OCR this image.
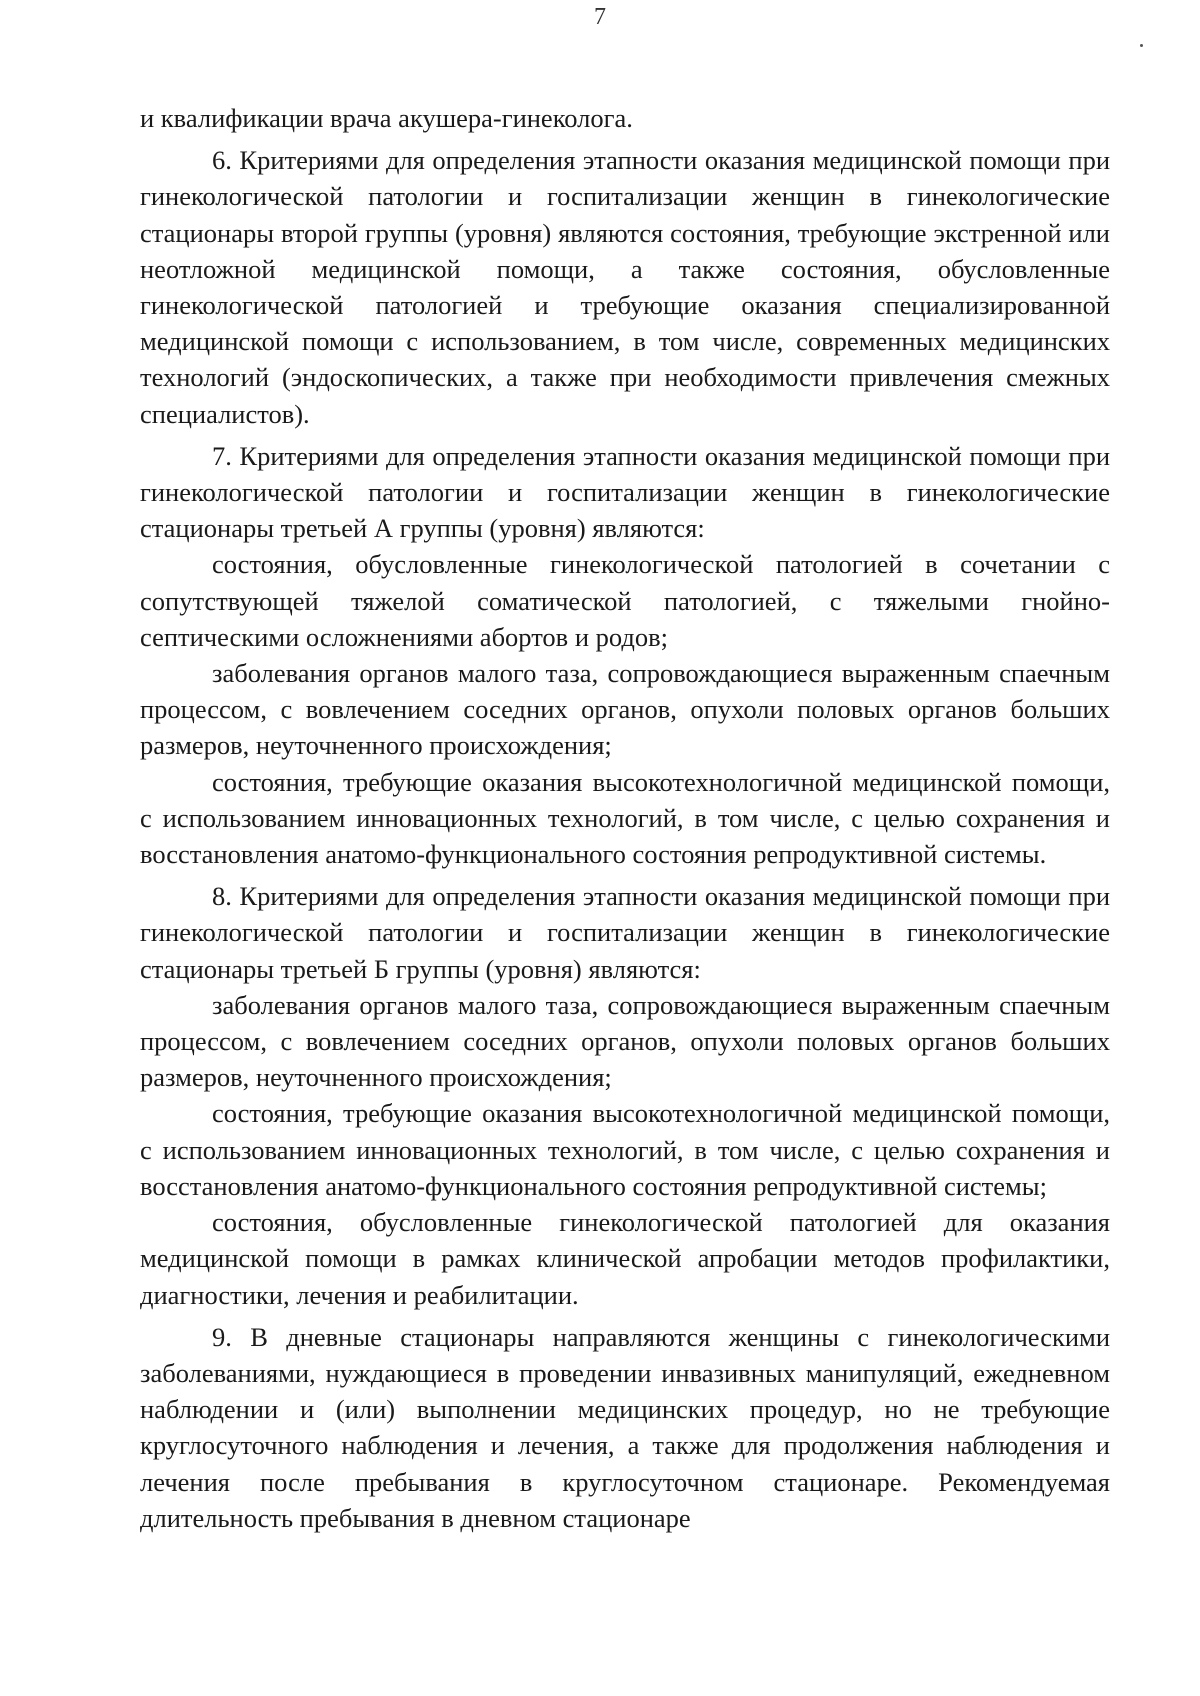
7

и квалификации врача акушера-гинеколога.

6. Критериями для определения этапности оказания медицинской помощи при гинекологической патологии и госпитализации женщин в гинекологические стационары второй группы (уровня) являются состояния, требующие экстренной или неотложной медицинской помощи, а также состояния, обусловленные гинекологической патологией и требующие оказания специализированной медицинской помощи с использованием, в том числе, современных медицинских технологий (эндоскопических, а также при необходимости привлечения смежных специалистов).

7. Критериями для определения этапности оказания медицинской помощи при гинекологической патологии и госпитализации женщин в гинекологические стационары третьей А группы (уровня) являются:

состояния, обусловленные гинекологической патологией в сочетании с сопутствующей тяжелой соматической патологией, с тяжелыми гнойно-септическими осложнениями абортов и родов;

заболевания органов малого таза, сопровождающиеся выраженным спаечным процессом, с вовлечением соседних органов, опухоли половых органов больших размеров, неуточненного происхождения;

состояния, требующие оказания высокотехнологичной медицинской помощи, с использованием инновационных технологий, в том числе, с целью сохранения и восстановления анатомо-функционального состояния репродуктивной системы.

8. Критериями для определения этапности оказания медицинской помощи при гинекологической патологии и госпитализации женщин в гинекологические стационары третьей Б группы (уровня) являются:

заболевания органов малого таза, сопровождающиеся выраженным спаечным процессом, с вовлечением соседних органов, опухоли половых органов больших размеров, неуточненного происхождения;

состояния, требующие оказания высокотехнологичной медицинской помощи, с использованием инновационных технологий, в том числе, с целью сохранения и восстановления анатомо-функционального состояния репродуктивной системы;

состояния, обусловленные гинекологической патологией для оказания медицинской помощи в рамках клинической апробации методов профилактики, диагностики, лечения и реабилитации.

9. В дневные стационары направляются женщины с гинекологическими заболеваниями, нуждающиеся в проведении инвазивных манипуляций, ежедневном наблюдении и (или) выполнении медицинских процедур, но не требующие круглосуточного наблюдения и лечения, а также для продолжения наблюдения и лечения после пребывания в круглосуточном стационаре. Рекомендуемая длительность пребывания в дневном стационаре
